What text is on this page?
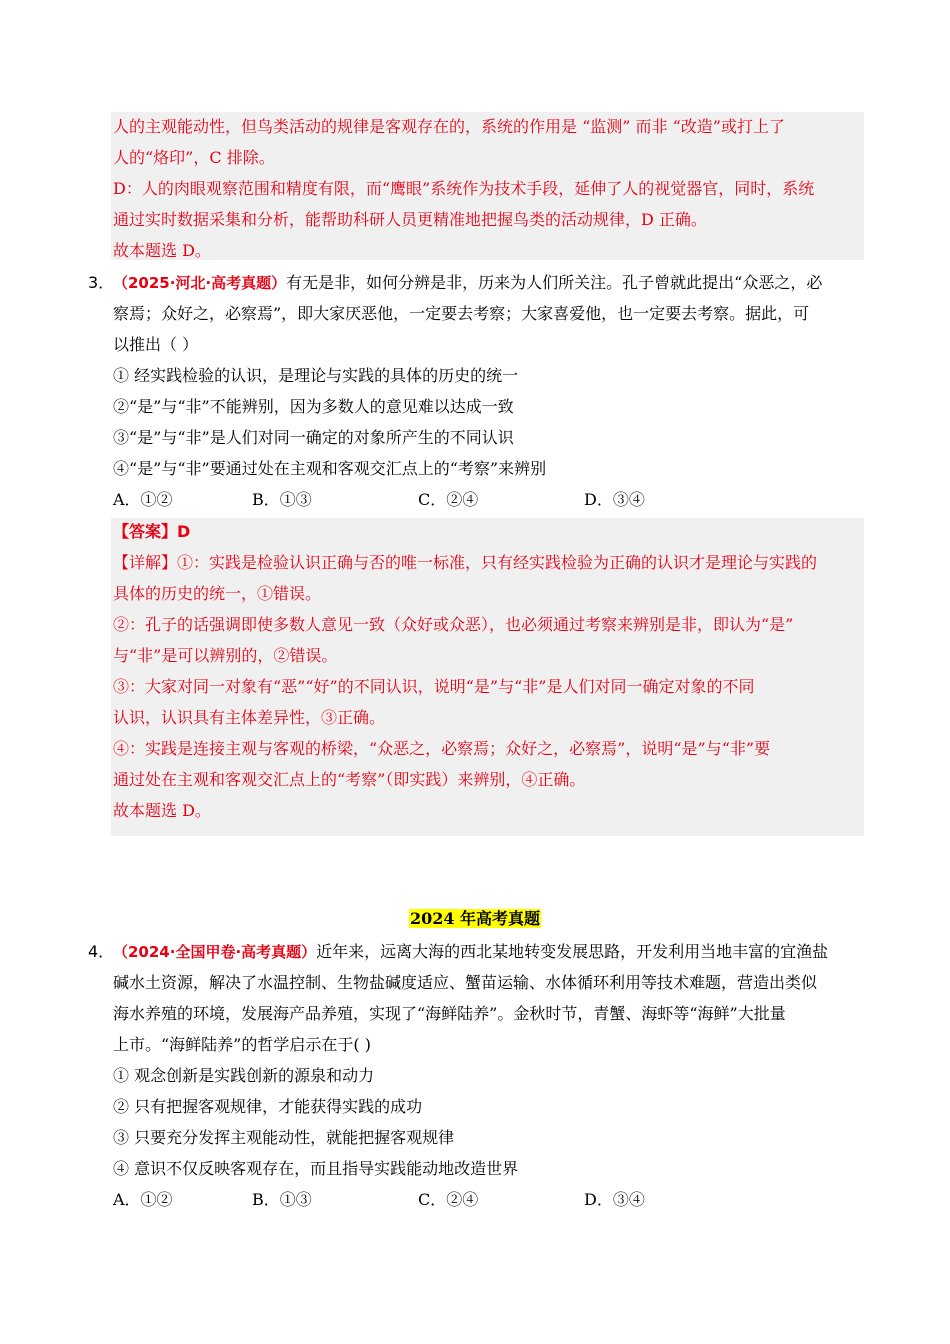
人的主观能动性，但鸟类活动的规律是客观存在的，系统的作用是 “监测” 而非 “改造”或打上了
人的“烙印”，C 排除。
D：人的肉眼观察范围和精度有限，而“鹰眼”系统作为技术手段，延伸了人的视觉器官，同时，系统
通过实时数据采集和分析，能帮助科研人员更精准地把握鸟类的活动规律，D 正确。
故本题选 D。
3．
（2025·河北·高考真题）有无是非，如何分辨是非，历来为人们所关注。孔子曾就此提出“众恶之，必
察焉；众好之，必察焉”，即大家厌恶他，一定要去考察；大家喜爱他，也一定要去考察。据此，可
以推出（ ）
① 经实践检验的认识，是理论与实践的具体的历史的统一
②“是”与“非”不能辨别，因为多数人的意见难以达成一致
③“是”与“非”是人们对同一确定的对象所产生的不同认识
④“是”与“非”要通过处在主观和客观交汇点上的“考察”来辨别
A．①②	B．①③	C．②④	D．③④
【答案】D
【详解】①：实践是检验认识正确与否的唯一标准，只有经实践检验为正确的认识才是理论与实践的
具体的历史的统一，①错误。
②：孔子的话强调即使多数人意见一致（众好或众恶），也必须通过考察来辨别是非，即认为“是”
与“非”是可以辨别的，②错误。
③：大家对同一对象有“恶”“好”的不同认识，说明“是”与“非”是人们对同一确定对象的不同
认识，认识具有主体差异性，③正确。
④：实践是连接主观与客观的桥梁，“众恶之，必察焉；众好之，必察焉”，说明“是”与“非”要
通过处在主观和客观交汇点上的“考察”（即实践）来辨别，④正确。
故本题选 D。
2024 年高考真题
4．
（2024·全国甲卷·高考真题）近年来，远离大海的西北某地转变发展思路，开发利用当地丰富的宜渔盐
碱水土资源，解决了水温控制、生物盐碱度适应、蟹苗运输、水体循环利用等技术难题，营造出类似
海水养殖的环境，发展海产品养殖，实现了“海鲜陆养”。金秋时节，青蟹、海虾等“海鲜”大批量
上市。“海鲜陆养”的哲学启示在于( )
① 观念创新是实践创新的源泉和动力
② 只有把握客观规律，才能获得实践的成功
③ 只要充分发挥主观能动性，就能把握客观规律
④ 意识不仅反映客观存在，而且指导实践能动地改造世界
A．①②	B．①③	C．②④	D．③④
